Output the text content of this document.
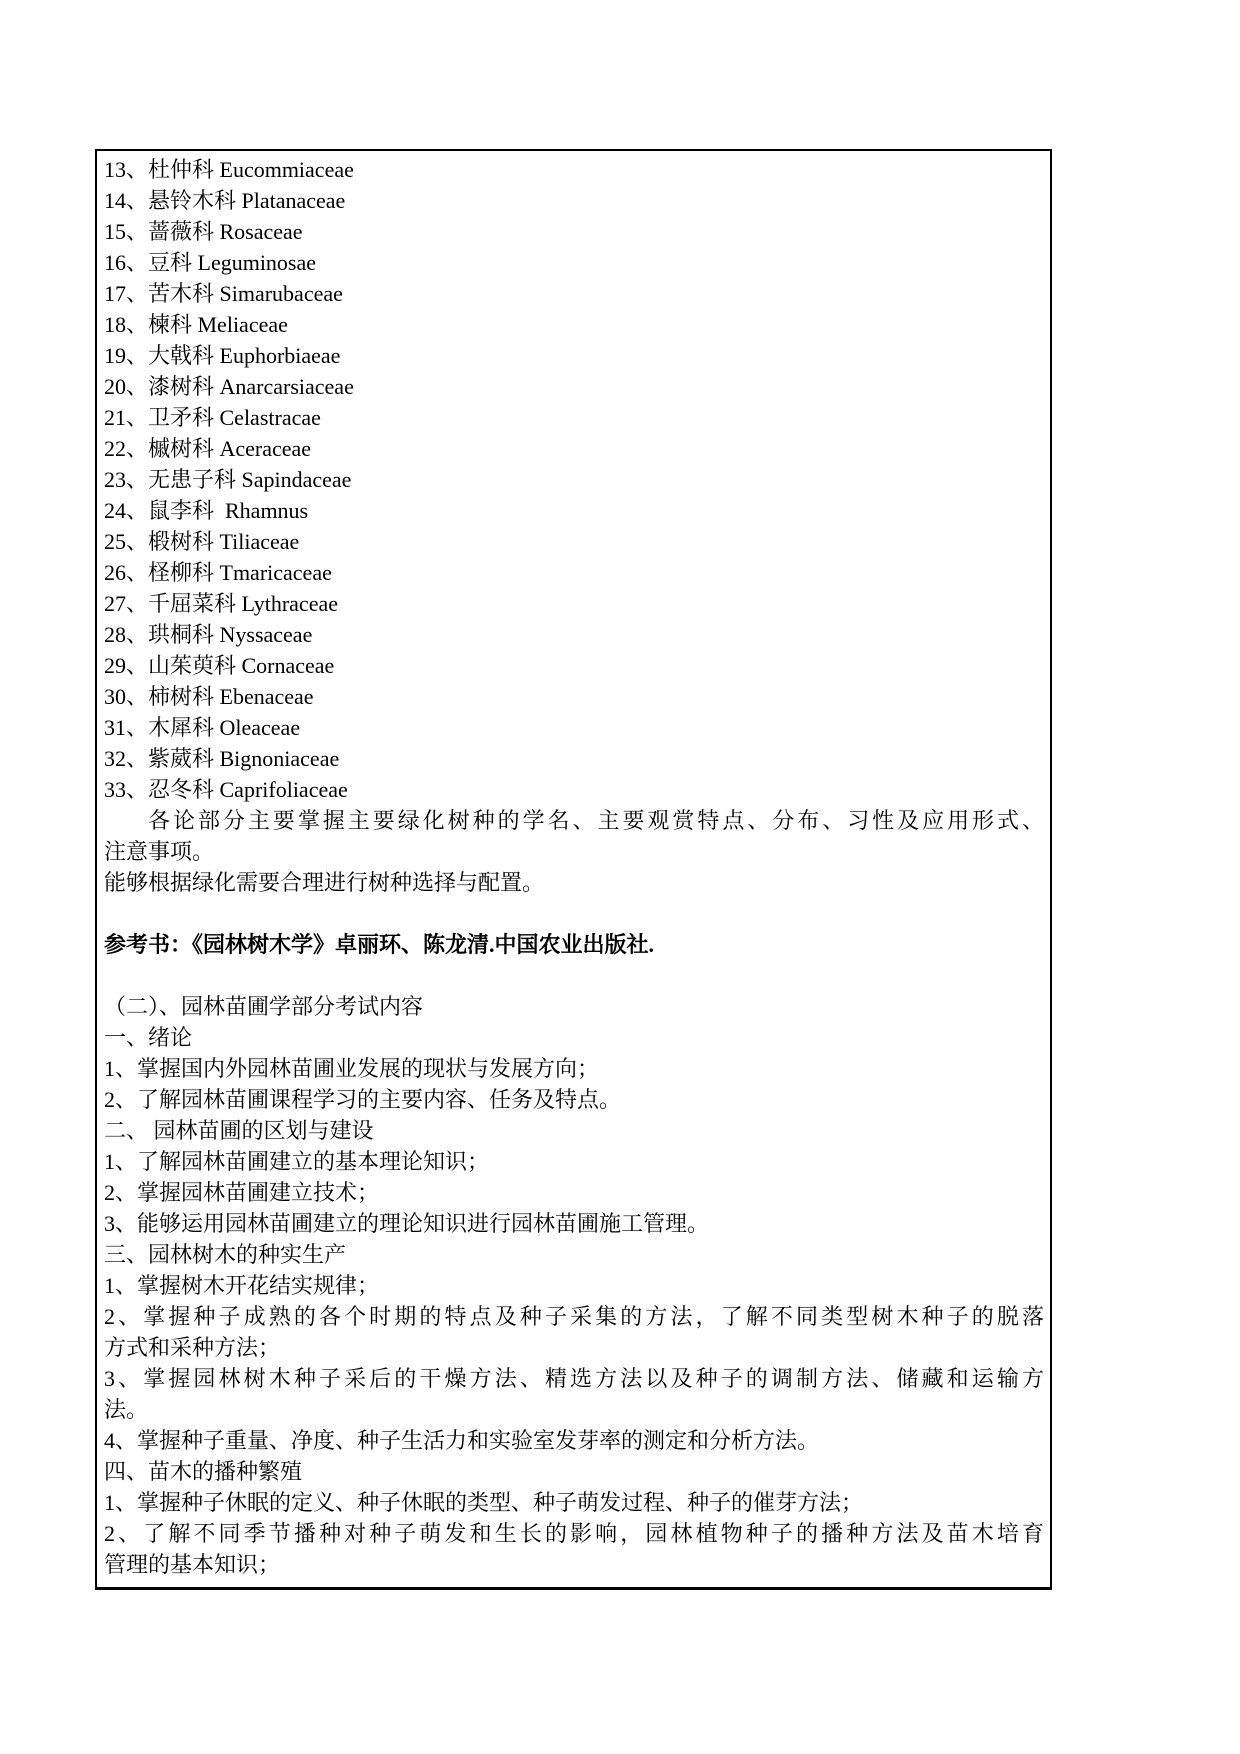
13、杜仲科 Eucommiaceae
14、悬铃木科 Platanaceae
15、蔷薇科 Rosaceae
16、豆科 Leguminosae
17、苦木科 Simarubaceae
18、楝科 Meliaceae
19、大戟科 Euphorbiaeae
20、漆树科 Anarcarsiaceae
21、卫矛科 Celastracae
22、槭树科 Aceraceae
23、无患子科 Sapindaceae
24、鼠李科  Rhamnus
25、椴树科 Tiliaceae
26、柽柳科 Tmaricaceae
27、千屈菜科 Lythraceae
28、珙桐科 Nyssaceae
29、山茱萸科 Cornaceae
30、柿树科 Ebenaceae
31、木犀科 Oleaceae
32、紫葳科 Bignoniaceae
33、忍冬科 Caprifoliaceae
各论部分主要掌握主要绿化树种的学名、主要观赏特点、分布、习性及应用形式、
注意事项。
能够根据绿化需要合理进行树种选择与配置。

参考书：《园林树木学》卓丽环、陈龙清.中国农业出版社.

（二）、园林苗圃学部分考试内容
一、绪论
1、掌握国内外园林苗圃业发展的现状与发展方向；
2、了解园林苗圃课程学习的主要内容、任务及特点。
二、 园林苗圃的区划与建设
1、了解园林苗圃建立的基本理论知识；
2、掌握园林苗圃建立技术；
3、能够运用园林苗圃建立的理论知识进行园林苗圃施工管理。
三、园林树木的种实生产
1、掌握树木开花结实规律；
2、掌握种子成熟的各个时期的特点及种子采集的方法，了解不同类型树木种子的脱落
方式和采种方法；
3、掌握园林树木种子采后的干燥方法、精选方法以及种子的调制方法、储藏和运输方
法。
4、掌握种子重量、净度、种子生活力和实验室发芽率的测定和分析方法。
四、苗木的播种繁殖
1、掌握种子休眠的定义、种子休眠的类型、种子萌发过程、种子的催芽方法；
2、了解不同季节播种对种子萌发和生长的影响，园林植物种子的播种方法及苗木培育
管理的基本知识；
